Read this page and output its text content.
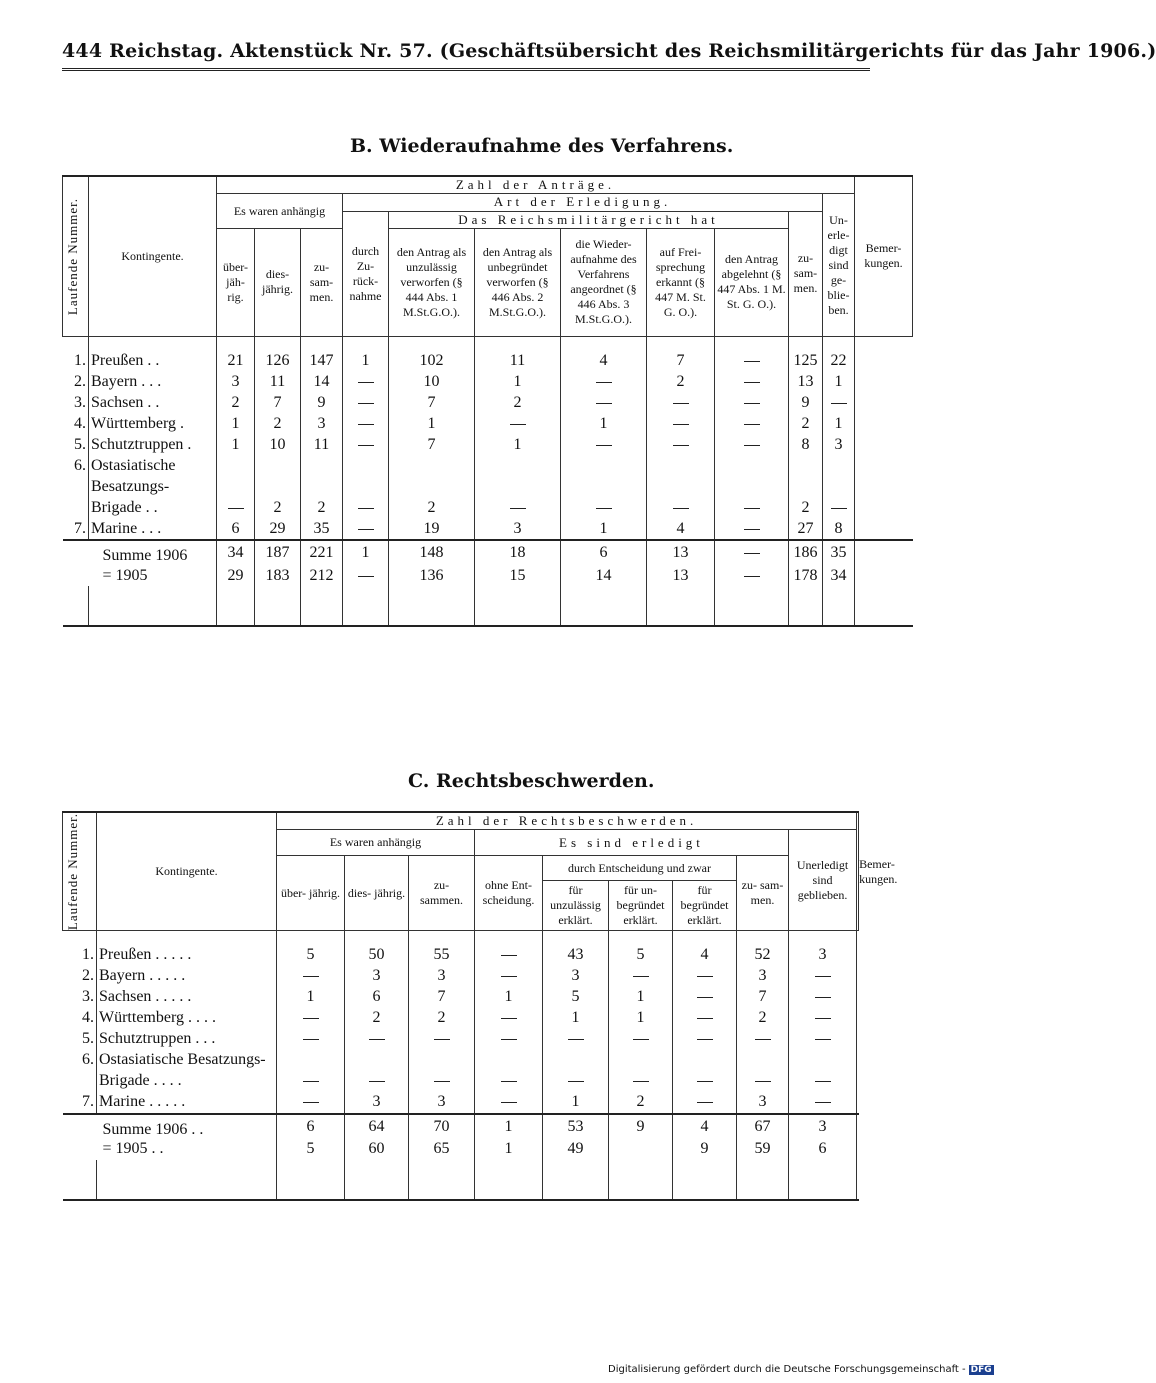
444 Reichstag. Aktenstück Nr. 57. (Geschäftsübersicht des Reichsmilitärgerichts für das Jahr 1906.)
B. Wiederaufnahme des Verfahrens.
Laufende Nummer.	Kontingente.	Zahl der Anträge.											Bemer- kungen.
		Es waren anhängig			Art der Erledigung.							Un- erle- digt sind ge- blie- ben.	
					durch Zu- rück- nahme	Das Reichsmilitärgericht hat					zu- sam- men.		
		über- jäh- rig.	dies- jährig.	zu- sam- men.		den Antrag als unzulässig verworfen (§ 444 Abs. 1 M.St.G.O.).	den Antrag als unbegründet verworfen (§ 446 Abs. 2 M.St.G.O.).	die Wieder- aufnahme des Verfahrens angeordnet (§ 446 Abs. 3 M.St.G.O.).	auf Frei- sprechung erkannt (§ 447 M. St. G. O.).	den Antrag abgelehnt (§ 447 Abs. 1 M. St. G. O.).			

1.	Preußen . .	21	126	147	1	102	11	4	7		125	22	
2.	Bayern . . .	3	11	14		10	1		2		13	1	
3.	Sachsen . .	2	7	9		7	2				9		
4.	Württemberg .	1	2	3		1		1			2	1	
5.	Schutztruppen .	1	10	11		7	1				8	3	
6.	Ostasiatische												
	Besatzungs-												
	Brigade . .		2	2		2					2		
7.	Marine . . .	6	29	35		19	3	1	4		27	8	
Summe 1906		34	187	221	1	148	18	6	13		186	35	
= 1905		29	183	212		136	15	14	13		178	34	

C. Rechtsbeschwerden.
Laufende Nummer.	Kontingente.	Zahl der Rechtsbeschwerden.									Bemer- kungen.
		Es waren anhängig			Es sind erledigt					Unerledigt sind geblieben.	
		über- jährig.	dies- jährig.	zu- sammen.	ohne Ent- scheidung.	durch Entscheidung und zwar			zu- sam- men.		
						für unzulässig erklärt.	für un- begründet erklärt.	für begründet erklärt.			

1.	Preußen . . . . .	5	50	55		43	5	4	52	3	
2.	Bayern . . . . .		3	3		3			3		
3.	Sachsen . . . . .	1	6	7	1	5	1		7		
4.	Württemberg . . . .		2	2		1	1		2		
5.	Schutztruppen . . .										
6.	Ostasiatische Besatzungs-										
	Brigade . . . .										
7.	Marine . . . . .		3	3		1	2		3		
Summe 1906 . .		6	64	70	1	53	9	4	67	3	
= 1905 . .		5	60	65	1	49		9	59	6	

Digitalisierung gefördert durch die Deutsche Forschungsgemeinschaft - DFG
